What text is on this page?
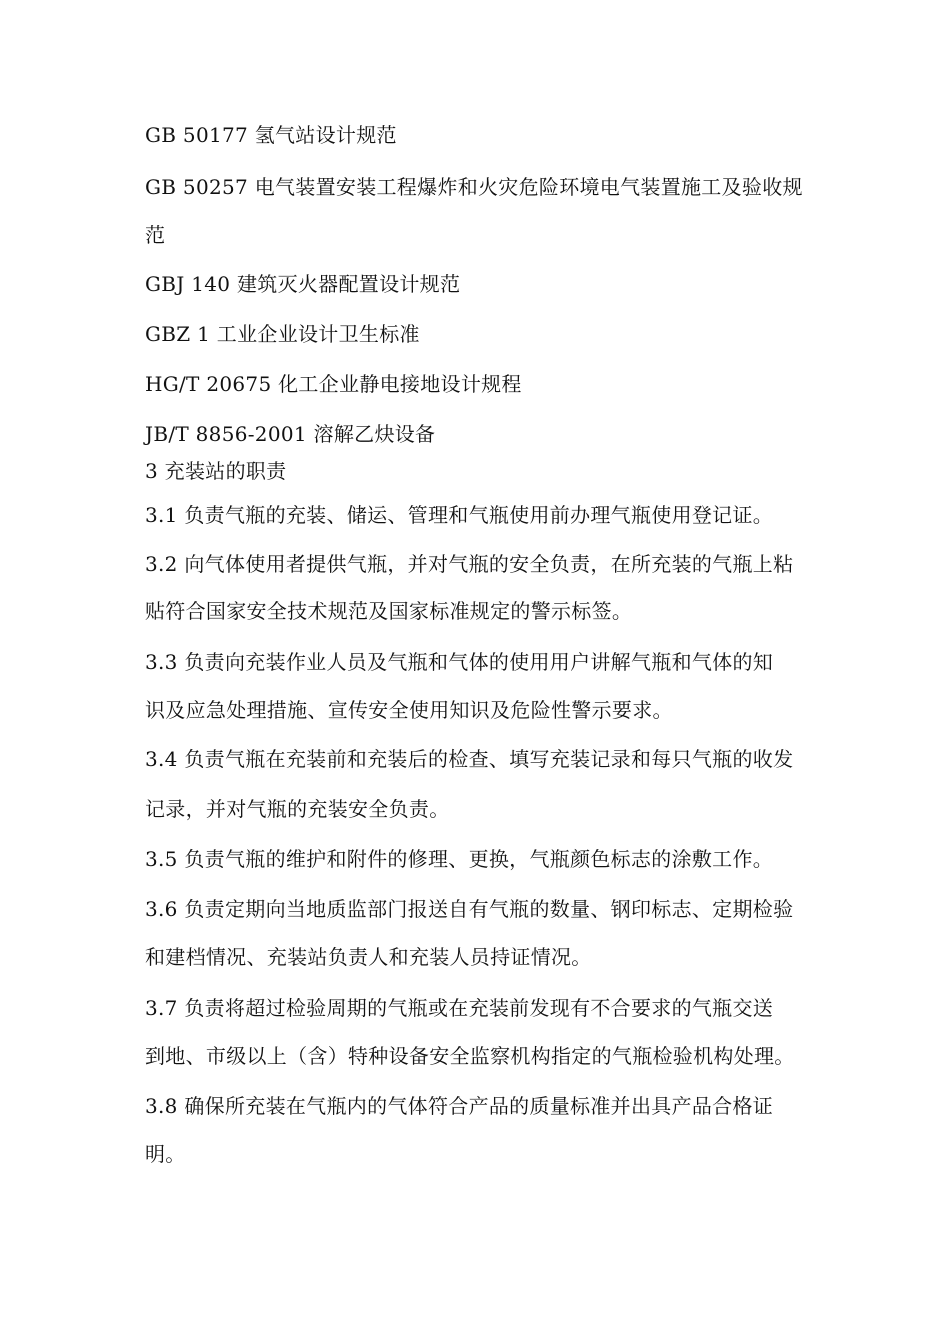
GB 50177 氢气站设计规范
GB 50257 电气装置安装工程爆炸和火灾危险环境电气装置施工及验收规
范
GBJ 140 建筑灭火器配置设计规范
GBZ 1 工业企业设计卫生标准
HG/T 20675 化工企业静电接地设计规程
JB/T 8856-2001 溶解乙炔设备
3 充装站的职责
3.1 负责气瓶的充装、储运、管理和气瓶使用前办理气瓶使用登记证。
3.2 向气体使用者提供气瓶，并对气瓶的安全负责，在所充装的气瓶上粘
贴符合国家安全技术规范及国家标准规定的警示标签。
3.3 负责向充装作业人员及气瓶和气体的使用用户讲解气瓶和气体的知
识及应急处理措施、宣传安全使用知识及危险性警示要求。
3.4 负责气瓶在充装前和充装后的检查、填写充装记录和每只气瓶的收发
记录，并对气瓶的充装安全负责。
3.5 负责气瓶的维护和附件的修理、更换，气瓶颜色标志的涂敷工作。
3.6 负责定期向当地质监部门报送自有气瓶的数量、钢印标志、定期检验
和建档情况、充装站负责人和充装人员持证情况。
3.7 负责将超过检验周期的气瓶或在充装前发现有不合要求的气瓶交送
到地、市级以上（含）特种设备安全监察机构指定的气瓶检验机构处理。
3.8 确保所充装在气瓶内的气体符合产品的质量标准并出具产品合格证
明。
